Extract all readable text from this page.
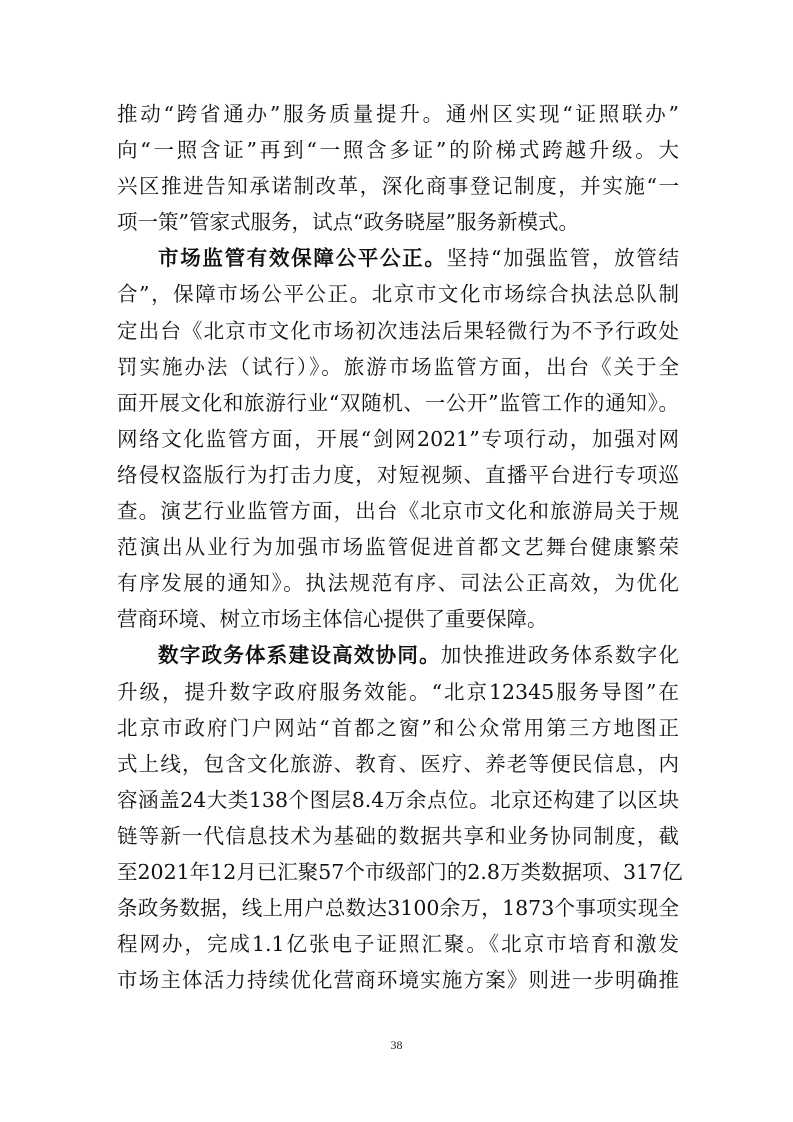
推动“跨省通办”服务质量提升。通州区实现“证照联办”
向“一照含证”再到“一照含多证”的阶梯式跨越升级。大
兴区推进告知承诺制改革，深化商事登记制度，并实施“一
项一策”管家式服务，试点“政务晓屋”服务新模式。
市场监管有效保障公平公正。坚持“加强监管，放管结
合”，保障市场公平公正。北京市文化市场综合执法总队制
定出台《北京市文化市场初次违法后果轻微行为不予行政处
罚实施办法（试行）》。旅游市场监管方面，出台《关于全
面开展文化和旅游行业“双随机、一公开”监管工作的通知》。
网络文化监管方面，开展“剑网2021”专项行动，加强对网
络侵权盗版行为打击力度，对短视频、直播平台进行专项巡
查。演艺行业监管方面，出台《北京市文化和旅游局关于规
范演出从业行为加强市场监管促进首都文艺舞台健康繁荣
有序发展的通知》。执法规范有序、司法公正高效，为优化
营商环境、树立市场主体信心提供了重要保障。
数字政务体系建设高效协同。加快推进政务体系数字化
升级，提升数字政府服务效能。“北京12345服务导图”在
北京市政府门户网站“首都之窗”和公众常用第三方地图正
式上线，包含文化旅游、教育、医疗、养老等便民信息，内
容涵盖24大类138个图层8.4万余点位。北京还构建了以区块
链等新一代信息技术为基础的数据共享和业务协同制度，截
至2021年12月已汇聚57个市级部门的2.8万类数据项、317亿
条政务数据，线上用户总数达3100余万，1873个事项实现全
程网办，完成1.1亿张电子证照汇聚。《北京市培育和激发
市场主体活力持续优化营商环境实施方案》则进一步明确推
38
